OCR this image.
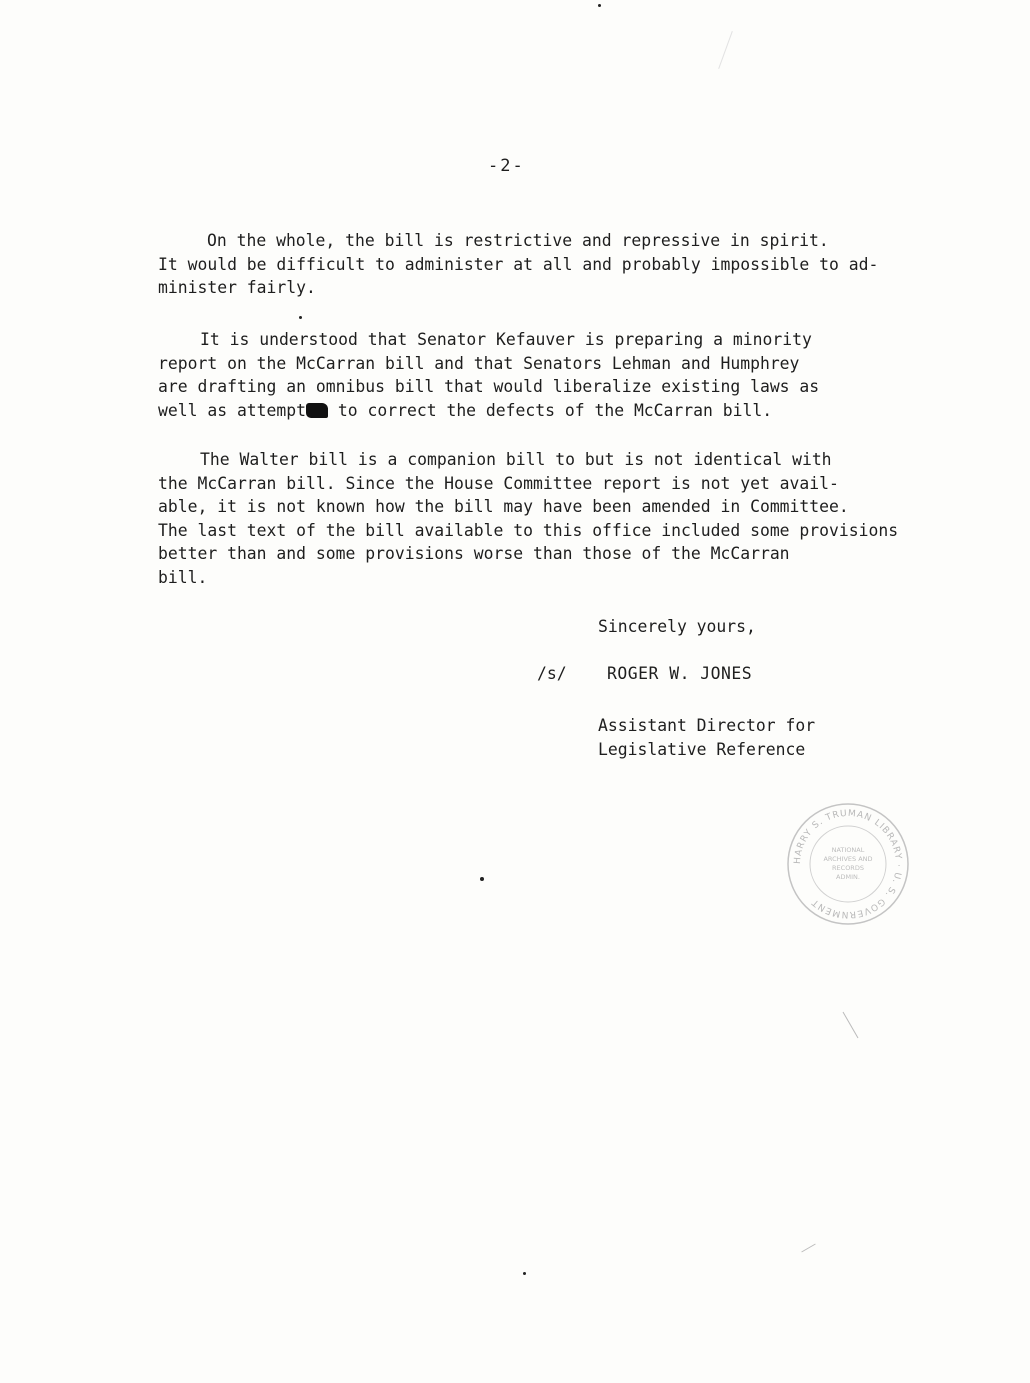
-2-
On the whole, the bill is restrictive and repressive in spirit.
It would be difficult to administer at all and probably impossible to ad-
minister fairly.
It is understood that Senator Kefauver is preparing a minority
report on the McCarran bill and that Senators Lehman and Humphrey
are drafting an omnibus bill that would liberalize existing laws as
well as attempt to correct the defects of the McCarran bill.
The Walter bill is a companion bill to but is not identical with
the McCarran bill. Since the House Committee report is not yet avail-
able, it is not known how the bill may have been amended in Committee.
The last text of the bill available to this office included some provisions
better than and some provisions worse than those of the McCarran
bill.
Sincerely yours,
/s/ ROGER W. JONES
Assistant Director for
Legislative Reference
HARRY S. TRUMAN LIBRARY · U. S. GOVERNMENT
NATIONAL
ARCHIVES AND
RECORDS
ADMIN.
